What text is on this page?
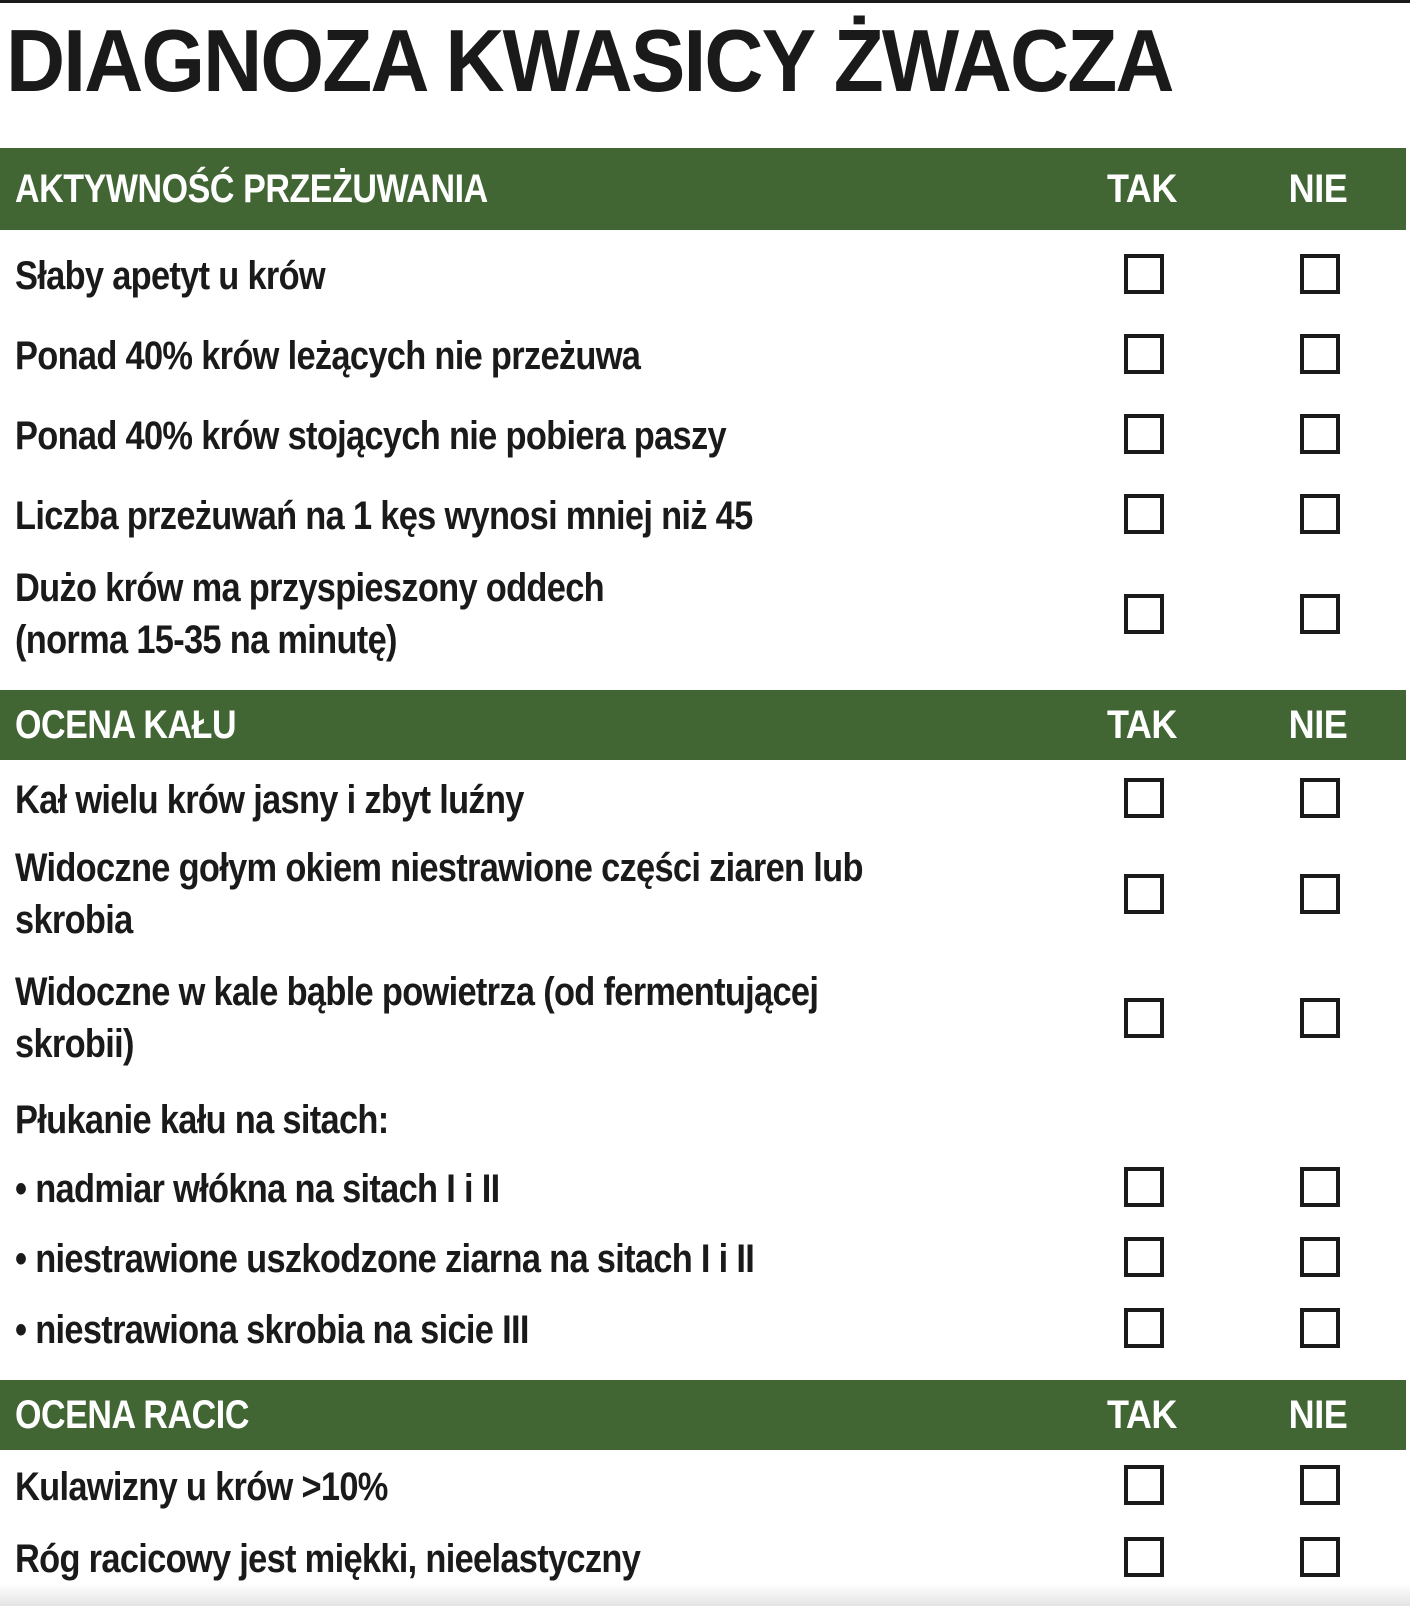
DIAGNOZA KWASICY ŻWACZA
AKTYWNOŚĆ PRZEŻUWANIA	TAK	NIE
Słaby apetyt u krów
Ponad 40% krów leżących nie przeżuwa
Ponad 40% krów stojących nie pobiera paszy
Liczba przeżuwań na 1 kęs wynosi mniej niż 45
Dużo krów ma przyspieszony oddech
(norma 15-35 na minutę)
OCENA KAŁU	TAK	NIE
Kał wielu krów jasny i zbyt luźny
Widoczne gołym okiem niestrawione części ziaren lub
skrobia
Widoczne w kale bąble powietrza (od fermentującej
skrobii)
Płukanie kału na sitach:
• nadmiar włókna na sitach I i II
• niestrawione uszkodzone ziarna na sitach I i II
• niestrawiona skrobia na sicie III
OCENA RACIC	TAK	NIE
Kulawizny u krów >10%
Róg racicowy jest miękki, nieelastyczny
